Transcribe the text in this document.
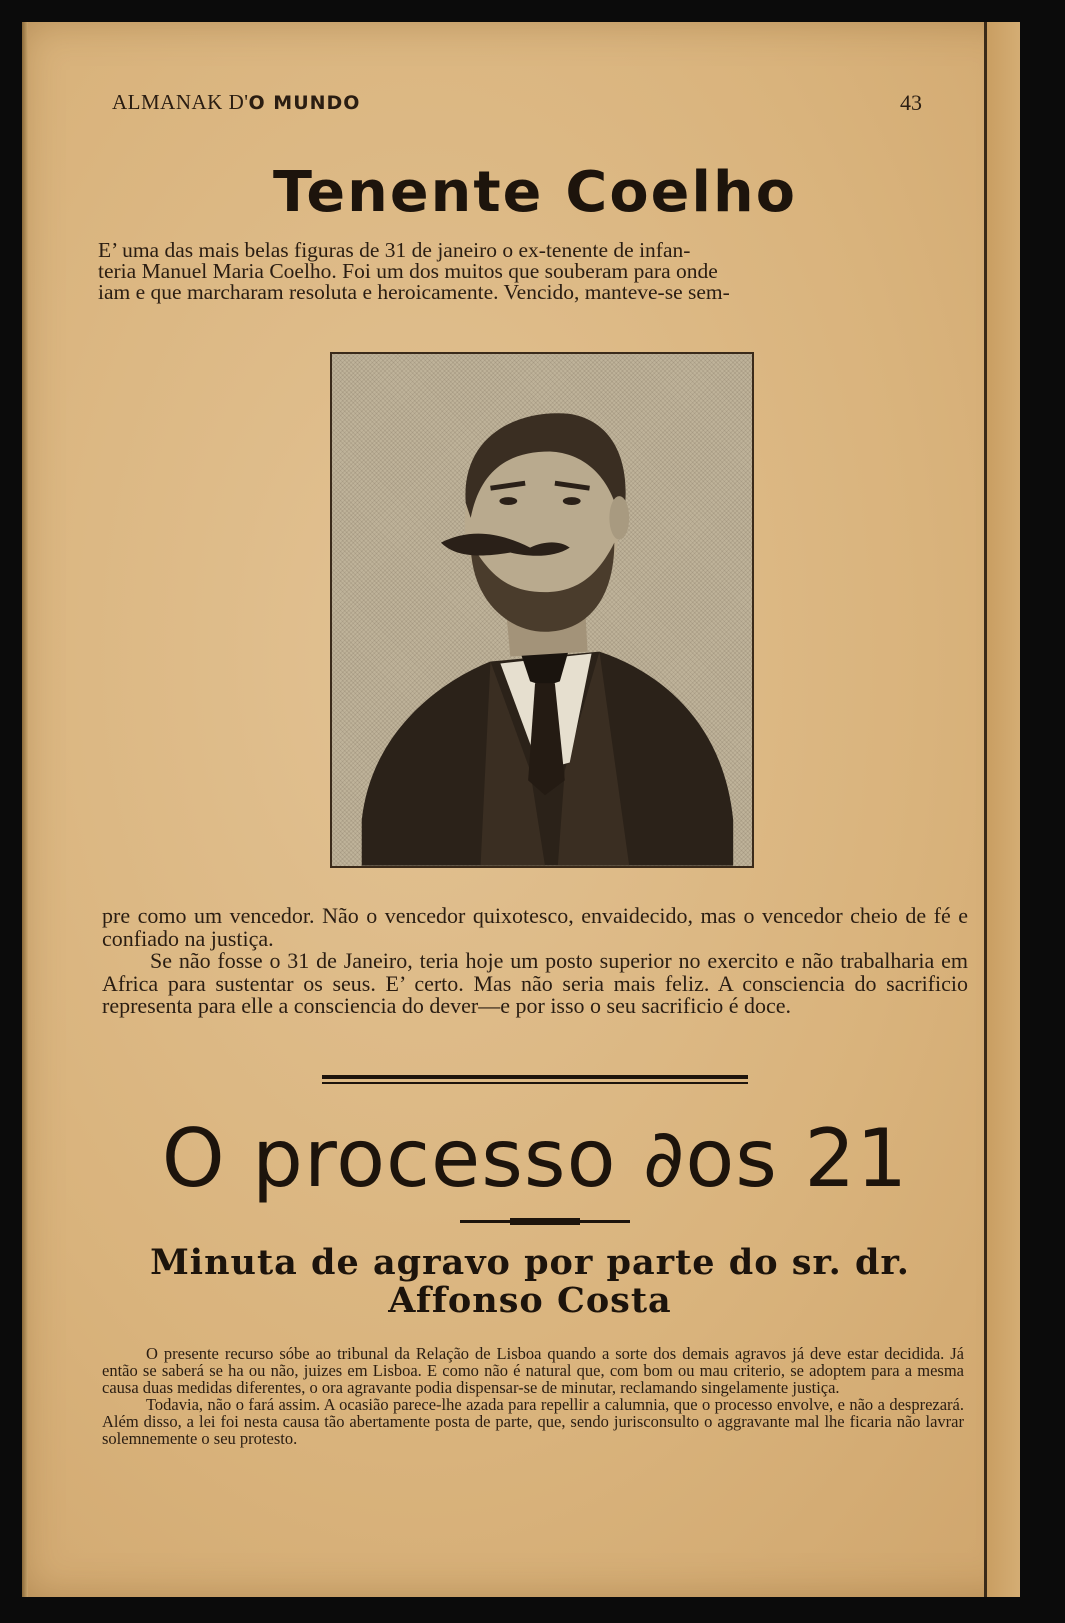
ALMANAK D'O MUNDO	43
Tenente Coelho
E’ uma das mais belas figuras de 31 de janeiro o ex-tenente de infan-
teria Manuel Maria Coelho. Foi um dos muitos que souberam para onde
iam e que marcharam resoluta e heroicamente. Vencido, manteve-se sem-

pre como um vencedor. Não o vencedor quixotesco, envaidecido, mas o vencedor cheio de fé e confiado na justiça.

Se não fosse o 31 de Janeiro, teria hoje um posto superior no exercito e não trabalharia em Africa para sustentar os seus. E’ certo. Mas não seria mais feliz. A consciencia do sacrificio representa para elle a consciencia do dever—e por isso o seu sacrificio é doce.

O processo ∂os 21
Minuta de agravo por parte do sr. dr.
Affonso Costa

O presente recurso sóbe ao tribunal da Relação de Lisboa quando a sorte dos demais agravos já deve estar decidida. Já então se saberá se ha ou não, juizes em Lisboa. E como não é natural que, com bom ou mau criterio, se adoptem para a mesma causa duas medidas diferentes, o ora agravante podia dispensar-se de minutar, reclamando singelamente justiça.

Todavia, não o fará assim. A ocasião parece-lhe azada para repellir a calumnia, que o processo envolve, e não a desprezará. Além disso, a lei foi nesta causa tão abertamente posta de parte, que, sendo jurisconsulto o aggravante mal lhe ficaria não lavrar solemnemente o seu protesto.
